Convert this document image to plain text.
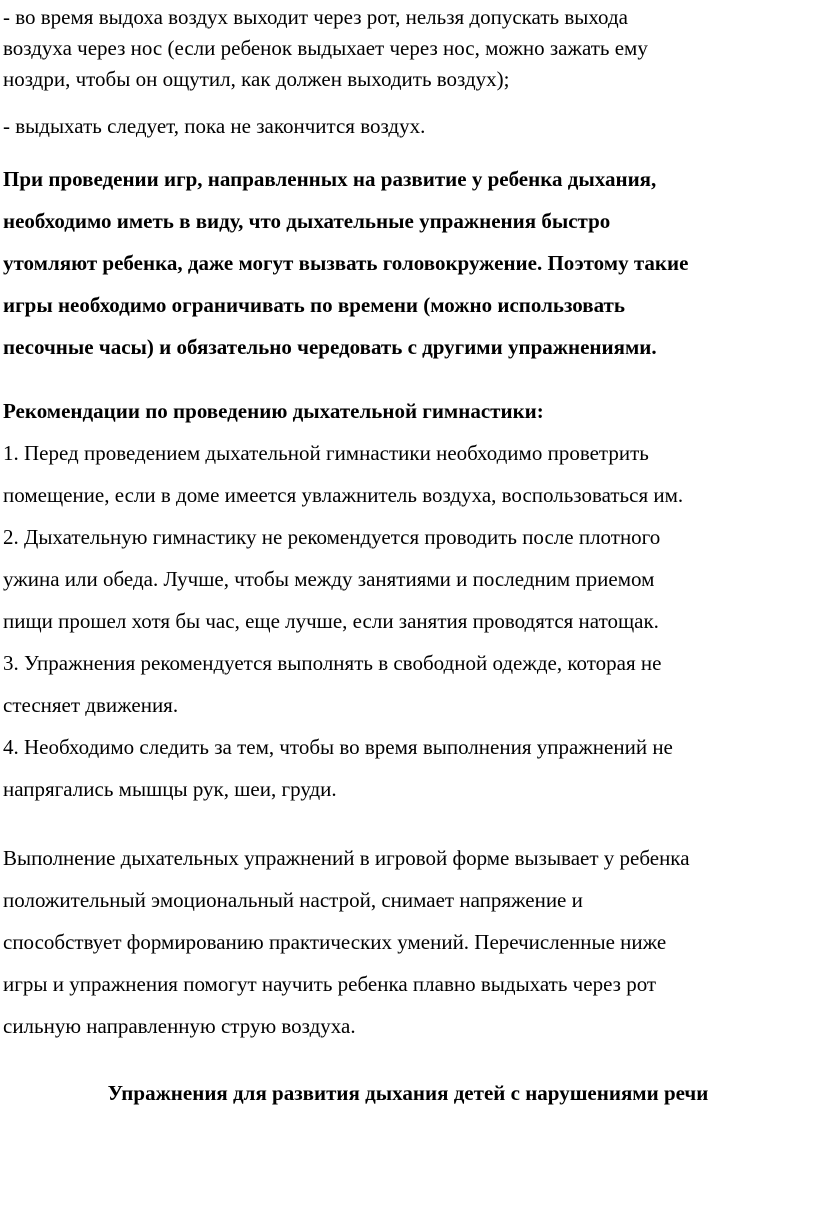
- во время выдоха воздух выходит через рот, нельзя допускать выхода
воздуха через нос (если ребенок выдыхает через нос, можно зажать ему
ноздри, чтобы он ощутил, как должен выходить воздух);
- выдыхать следует, пока не закончится воздух.
При проведении игр, направленных на развитие у ребенка дыхания,
необходимо иметь в виду, что дыхательные упражнения быстро
утомляют ребенка, даже могут вызвать головокружение. Поэтому такие
игры необходимо ограничивать по времени (можно использовать
песочные часы) и обязательно чередовать с другими упражнениями.
Рекомендации по проведению дыхательной гимнастики:
1. Перед проведением дыхательной гимнастики необходимо проветрить
помещение, если в доме имеется увлажнитель воздуха, воспользоваться им.
2. Дыхательную гимнастику не рекомендуется проводить после плотного
ужина или обеда. Лучше, чтобы между занятиями и последним приемом
пищи прошел хотя бы час, еще лучше, если занятия проводятся натощак.
3. Упражнения рекомендуется выполнять в свободной одежде, которая не
стесняет движения.
4. Необходимо следить за тем, чтобы во время выполнения упражнений не
напрягались мышцы рук, шеи, груди.
Выполнение дыхательных упражнений в игровой форме вызывает у ребенка
положительный эмоциональный настрой, снимает напряжение и
способствует формированию практических умений. Перечисленные ниже
игры и упражнения помогут научить ребенка плавно выдыхать через рот
сильную направленную струю воздуха.
Упражнения для развития дыхания детей с нарушениями речи
